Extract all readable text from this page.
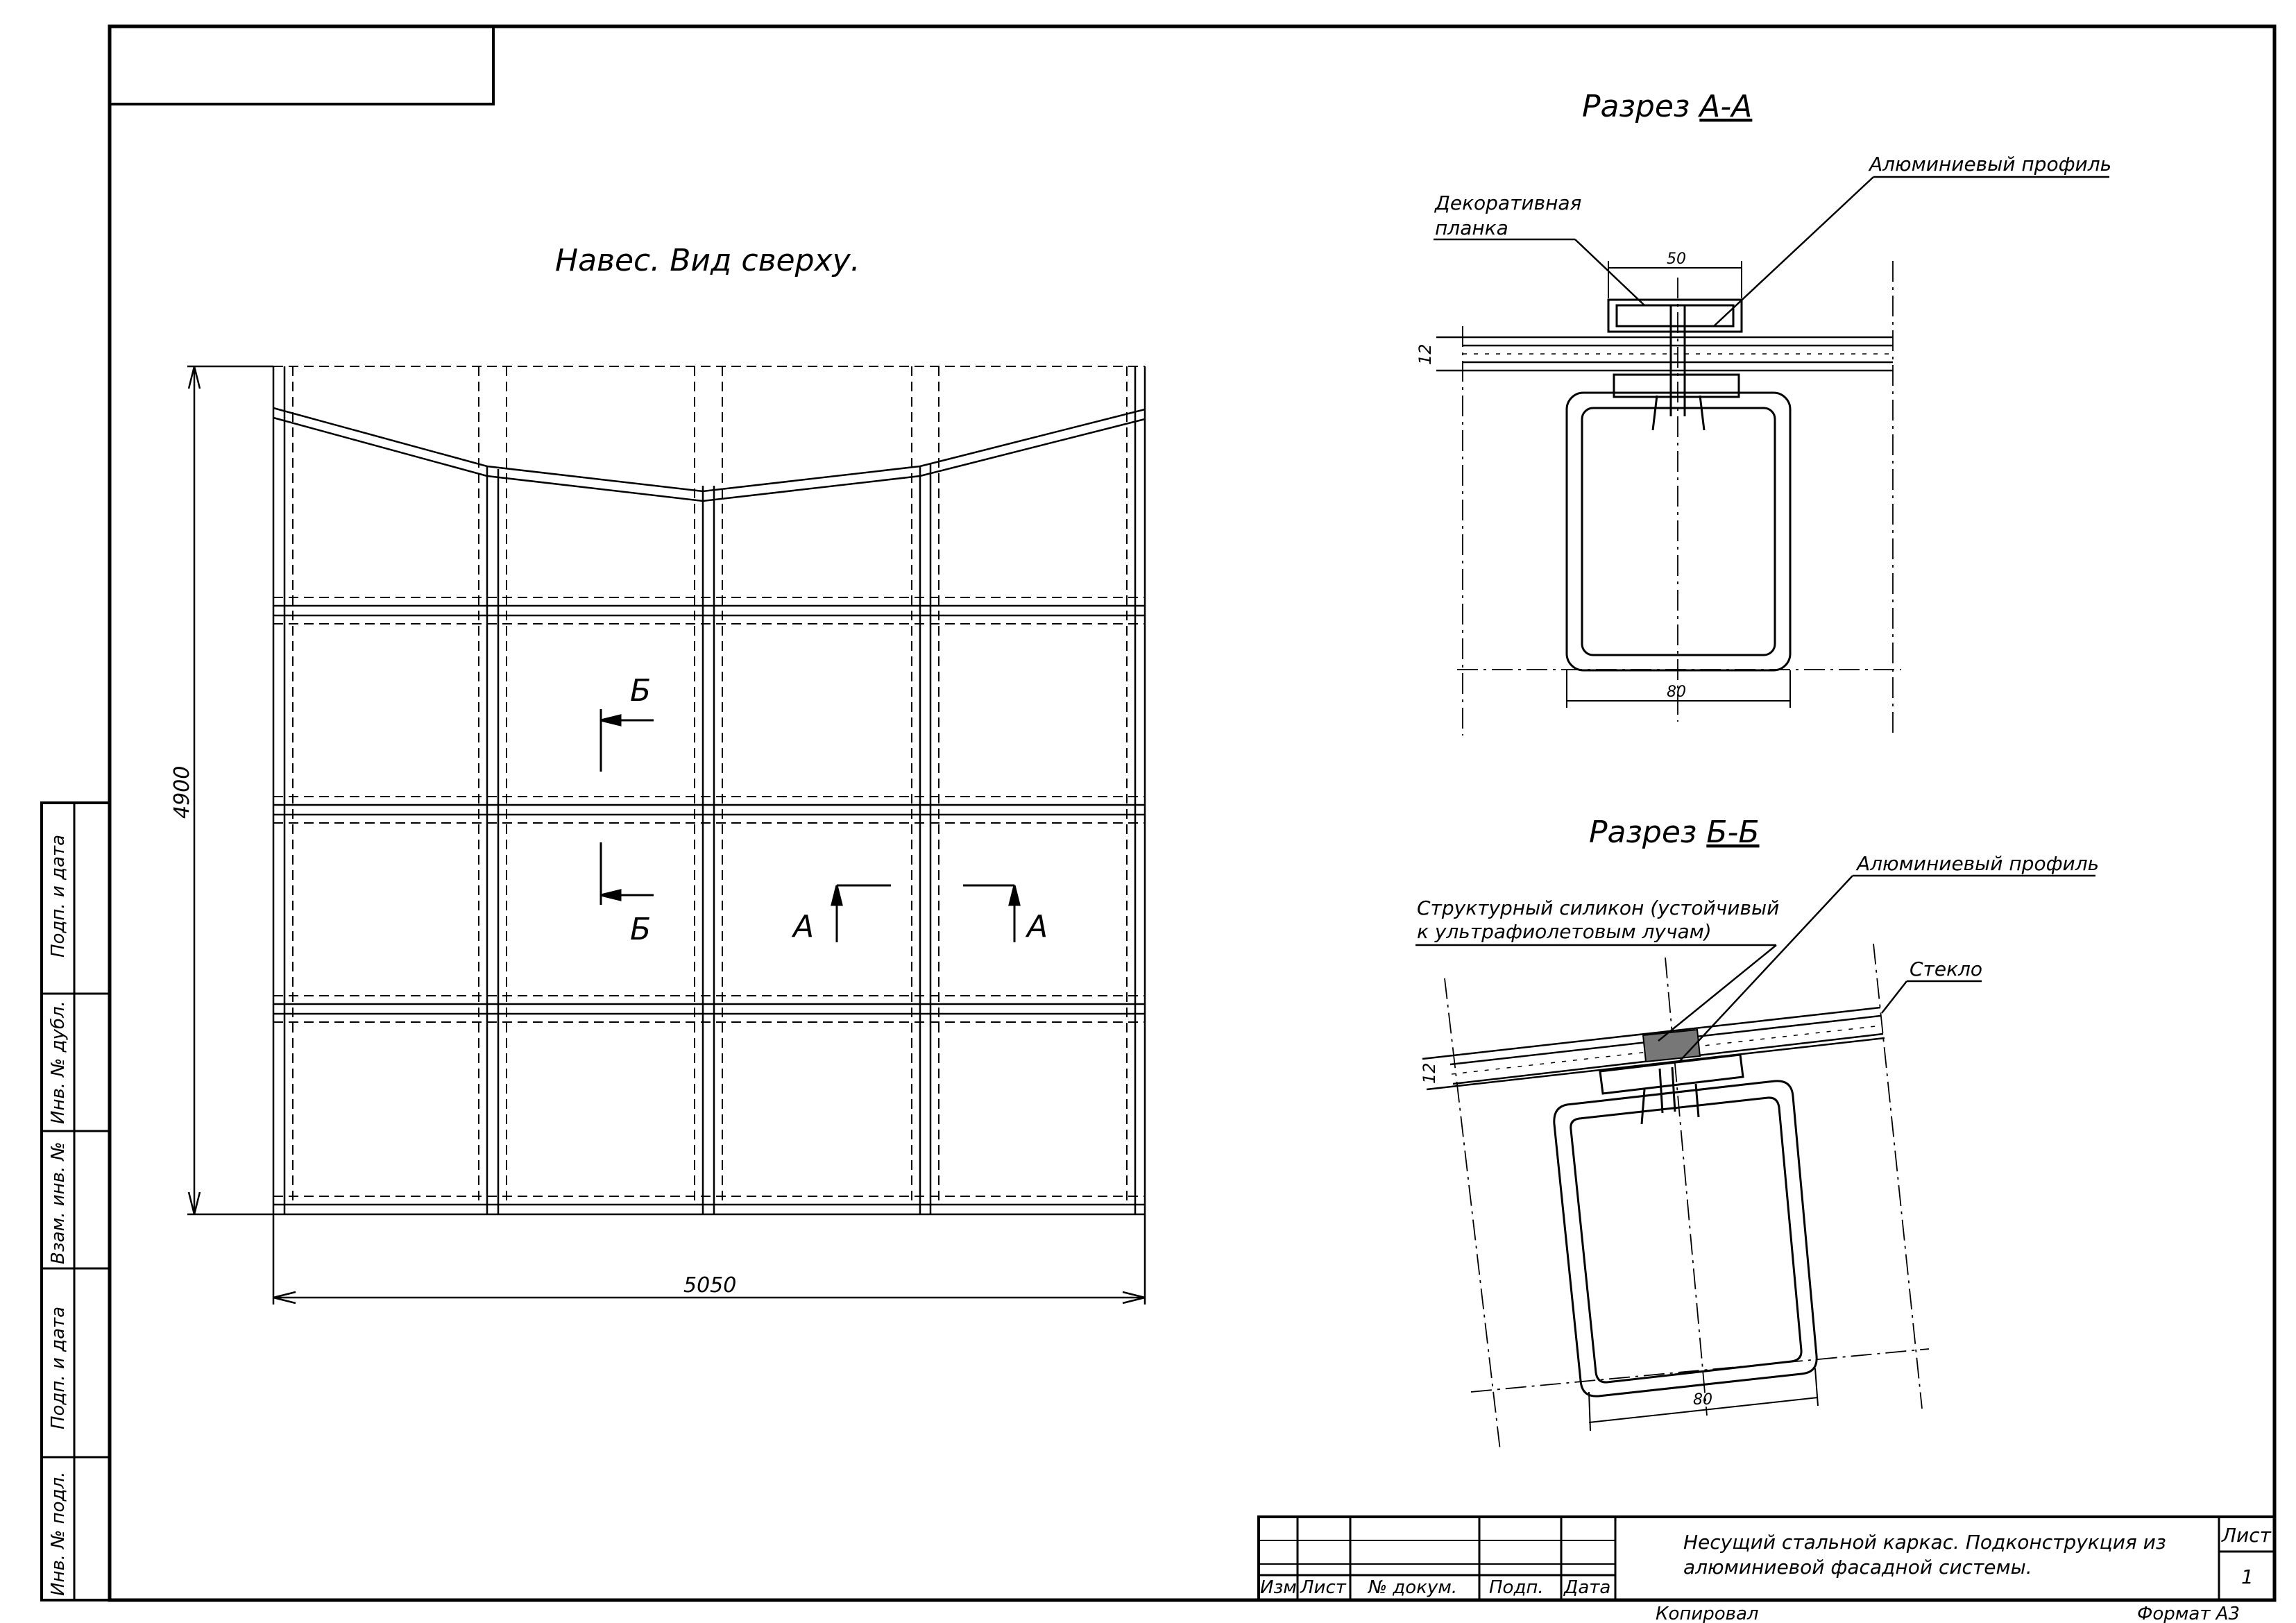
Подп. и дата
Инв. № дубл.
Взам. инв. №
Подп. и дата
Инв. № подл.
Навес. Вид сверху.
4900
5050
Б
Б	А	А
Разрез А-А
12
50
80
Декоративная
планка
Алюминиевый профиль
Разрез Б-Б
12
80
Структурный силикон (устойчивый
к ультрафиолетовым лучам)
Алюминиевый профиль
Стекло
Изм Лист № докум. Подп. Дата
Несущий стальной каркас. Подконструкция из
алюминиевой фасадной системы.
Лист
1
Копировал	Формат А3
